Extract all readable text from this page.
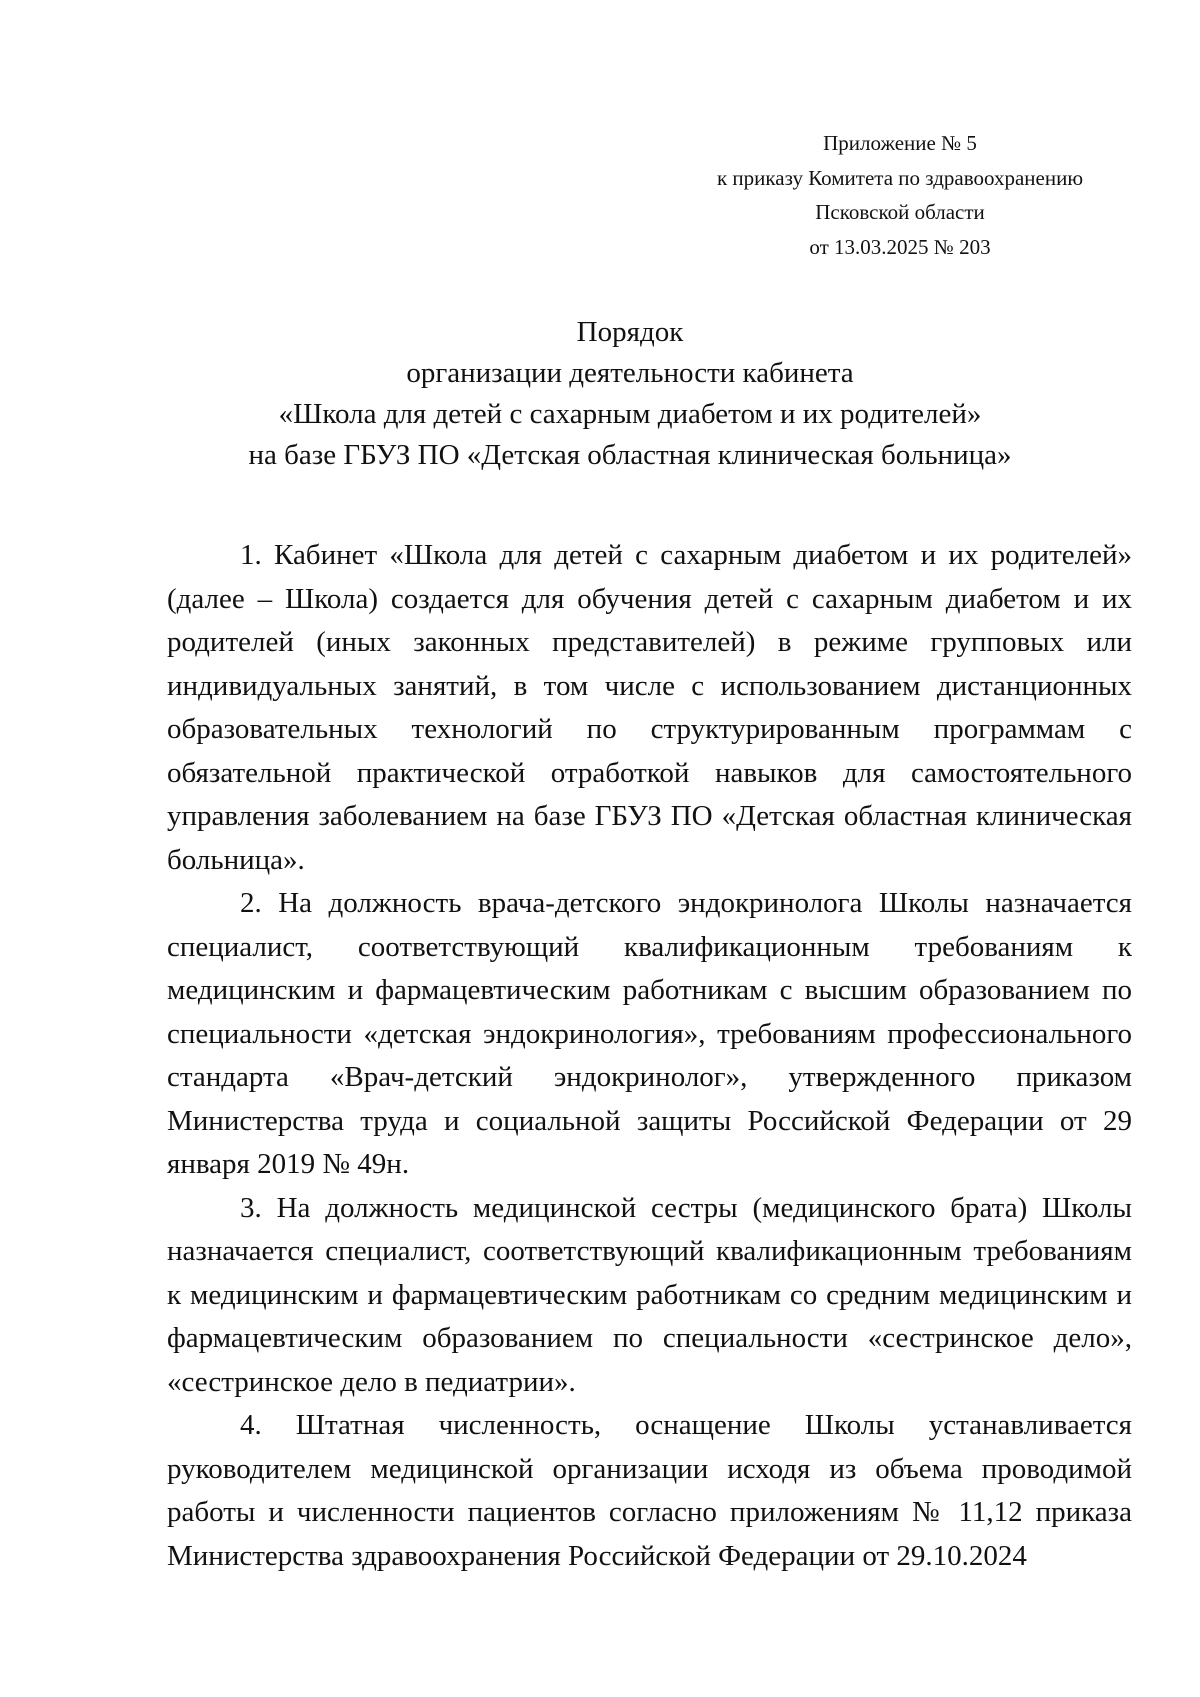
Приложение № 5
к приказу Комитета по здравоохранению
Псковской области
от 13.03.2025 № 203
Порядок
организации деятельности кабинета
«Школа для детей с сахарным диабетом и их родителей»
на базе ГБУЗ ПО «Детская областная клиническая больница»

1. Кабинет «Школа для детей с сахарным диабетом и их родителей» (далее – Школа) создается для обучения детей с сахарным диабетом и их родителей (иных законных представителей) в режиме групповых или индивидуальных занятий, в том числе с использованием дистанционных образовательных технологий по структурированным программам с обязательной практической отработкой навыков для самостоятельного управления заболеванием на базе ГБУЗ ПО «Детская областная клиническая больница».

2. На должность врача-детского эндокринолога Школы назначается специалист, соответствующий квалификационным требованиям к медицинским и фармацевтическим работникам с высшим образованием по специальности «детская эндокринология», требованиям профессионального стандарта «Врач-детский эндокринолог», утвержденного приказом Министерства труда и социальной защиты Российской Федерации от 29 января 2019 № 49н.

3. На должность медицинской сестры (медицинского брата) Школы назначается специалист, соответствующий квалификационным требованиям к медицинским и фармацевтическим работникам со средним медицинским и фармацевтическим образованием по специальности «сестринское дело», «сестринское дело в педиатрии».

4. Штатная численность, оснащение Школы устанавливается руководителем медицинской организации исходя из объема проводимой работы и численности пациентов согласно приложениям № 11,12 приказа Министерства здравоохранения Российской Федерации от 29.10.2024
